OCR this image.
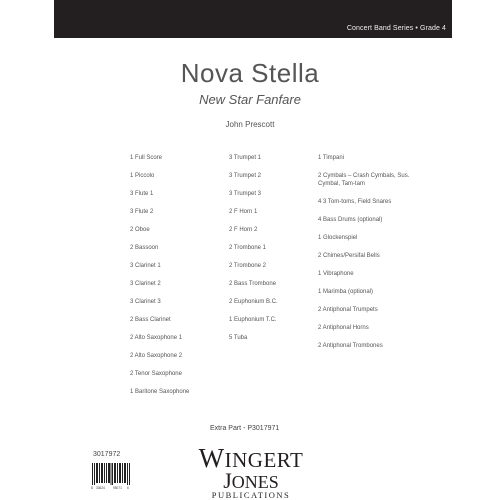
Concert Band Series • Grade 4
Nova Stella
New Star Fanfare
John Prescott
1 Full Score
1 Piccolo
3 Flute 1
3 Flute 2
2 Oboe
2 Bassoon
3 Clarinet 1
3 Clarinet 2
3 Clarinet 3
2 Bass Clarinet
2 Alto Saxophone 1
2 Alto Saxophone 2
2 Tenor Saxophone
1 Baritone Saxophone
3 Trumpet 1
3 Trumpet 2
3 Trumpet 3
2 F Horn 1
2 F Horn 2
2 Trombone 1
2 Trombone 2
2 Bass Trombone
2 Euphonium B.C.
1 Euphonium T.C.
5 Tuba
1 Timpani
2 Cymbals – Crash Cymbals, Sus. Cymbal, Tam-tam
4 3 Tom-toms, Field Snares
4 Bass Drums (optional)
1 Glockenspiel
2 Chimes/Persifal Bells
1 Vibraphone
1 Marimba (optional)
2 Antiphonal Trumpets
2 Antiphonal Horns
2 Antiphonal Trombones
Extra Part - P3017971
3017972
8 33624	98071 6
WINGERT
JONES
PUBLICATIONS
